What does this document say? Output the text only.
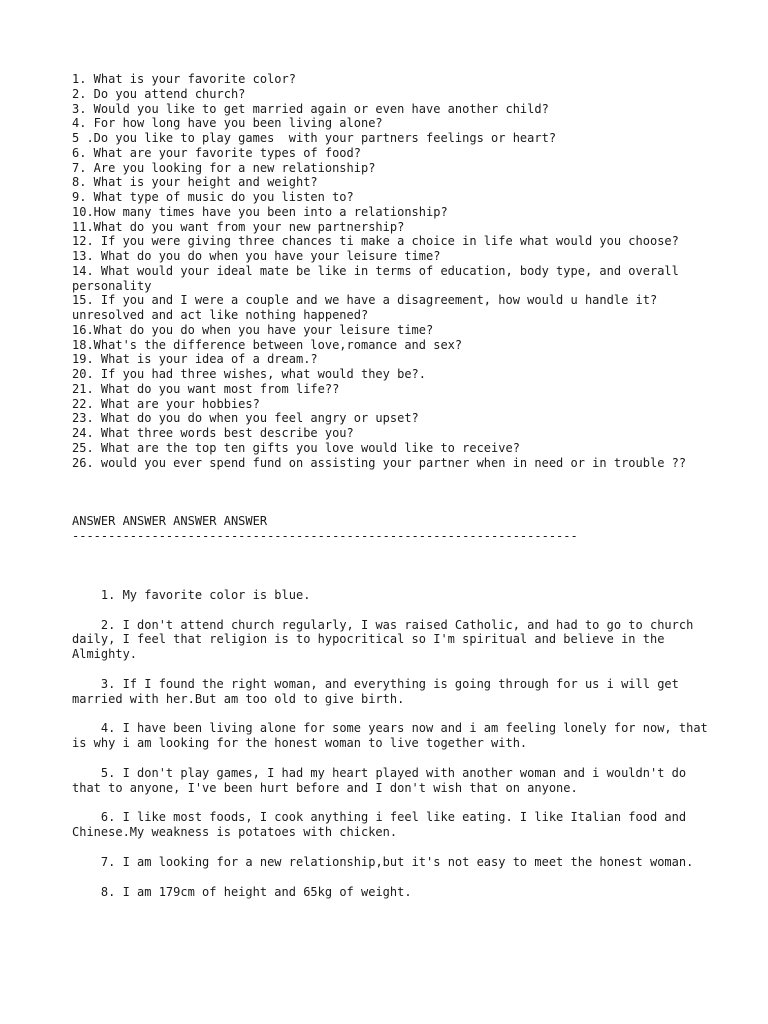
1. What is your favorite color?

2. Do you attend church?

3. Would you like to get married again or even have another child?

4. For how long have you been living alone?

5 .Do you like to play games  with your partners feelings or heart?

6. What are your favorite types of food?

7. Are you looking for a new relationship?

8. What is your height and weight?

9. What type of music do you listen to?

10.How many times have you been into a relationship?

11.What do you want from your new partnership?

12. If you were giving three chances ti make a choice in life what would you choose?

13. What do you do when you have your leisure time?

14. What would your ideal mate be like in terms of education, body type, and overall personality

15. If you and I were a couple and we have a disagreement, how would u handle it? unresolved and act like nothing happened?

16.What do you do when you have your leisure time?

18.What's the difference between love,romance and sex?

19. What is your idea of a dream.?

20. If you had three wishes, what would they be?.

21. What do you want most from life??

22. What are your hobbies?

23. What do you do when you feel angry or upset?

24. What three words best describe you?

25. What are the top ten gifts you love would like to receive?

26. would you ever spend fund on assisting your partner when in need or in trouble ??

ANSWER ANSWER ANSWER ANSWER

----------------------------------------------------------------------

1. My favorite color is blue.

2. I don't attend church regularly, I was raised Catholic, and had to go to church daily, I feel that religion is to hypocritical so I'm spiritual and believe in the Almighty.

3. If I found the right woman, and everything is going through for us i will get married with her.But am too old to give birth.

4. I have been living alone for some years now and i am feeling lonely for now, that is why i am looking for the honest woman to live together with.

5. I don't play games, I had my heart played with another woman and i wouldn't do that to anyone, I've been hurt before and I don't wish that on anyone.

6. I like most foods, I cook anything i feel like eating. I like Italian food and Chinese.My weakness is potatoes with chicken.

7. I am looking for a new relationship,but it's not easy to meet the honest woman.

8. I am 179cm of height and 65kg of weight.
